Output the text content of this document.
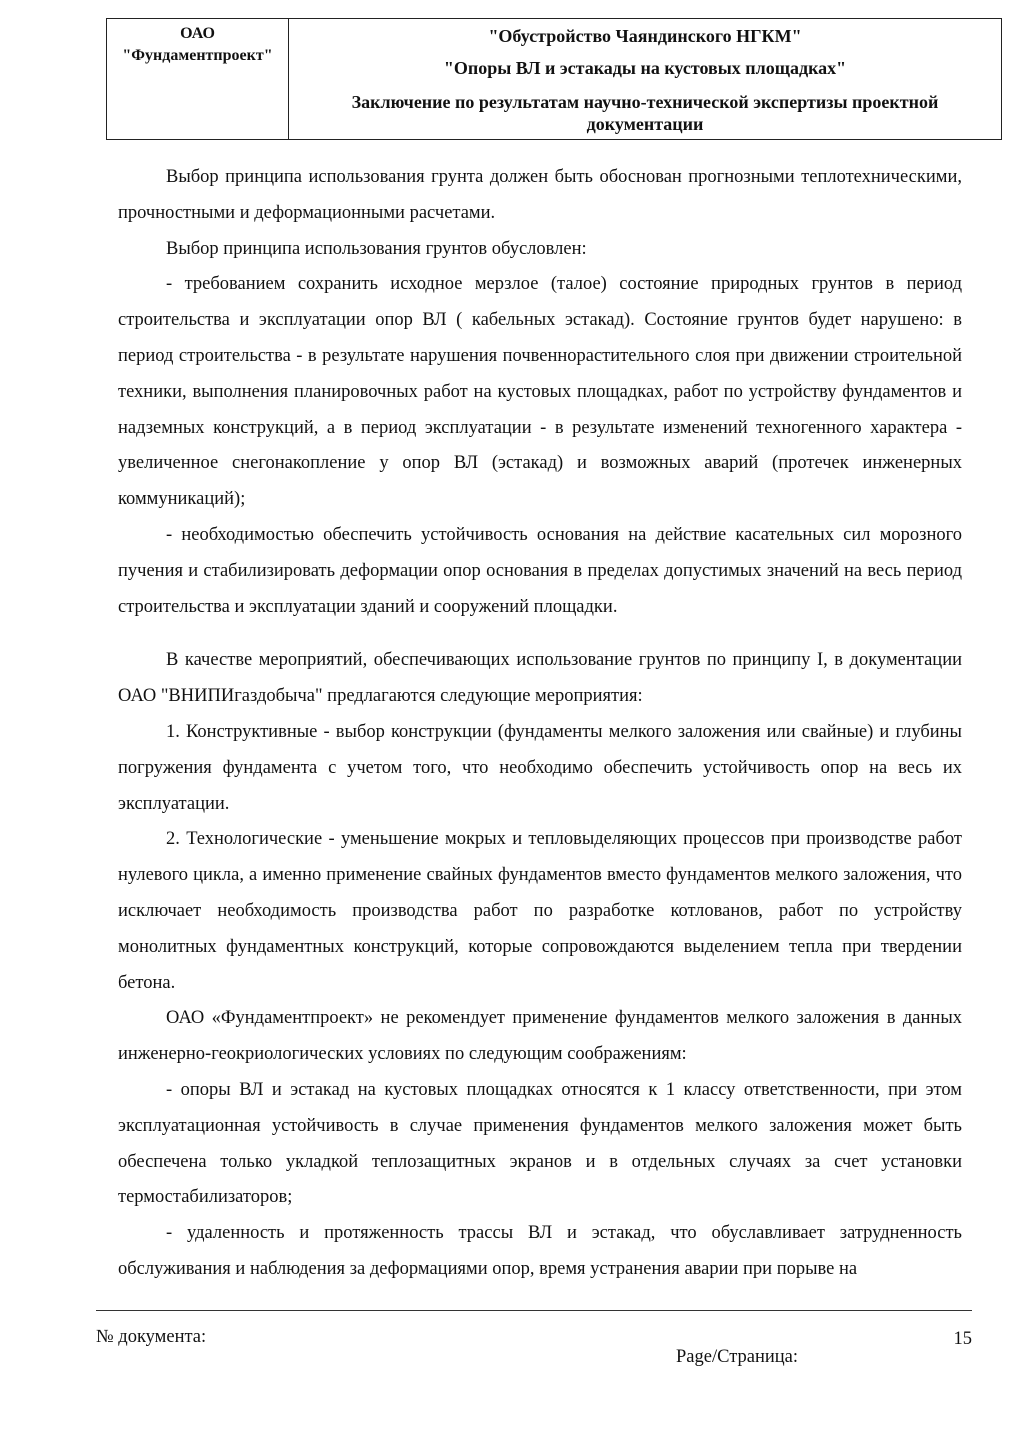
ОАО
"Фундаментпроект"
"Обустройство Чаяндинского НГКМ"
"Опоры ВЛ и эстакады на кустовых площадках"
Заключение по результатам научно-технической экспертизы проектной документации

Выбор принципа использования грунта должен быть обоснован прогнозными теплотехническими, прочностными и деформационными расчетами.

Выбор принципа использования грунтов обусловлен:

- требованием сохранить исходное мерзлое (талое) состояние природных грунтов в период строительства и эксплуатации опор ВЛ ( кабельных эстакад). Состояние грунтов будет нарушено: в период строительства - в результате нарушения почвеннорастительного слоя при движении строительной техники, выполнения планировочных работ на кустовых площадках, работ по устройству фундаментов и надземных конструкций, а в период эксплуатации - в результате изменений техногенного характера - увеличенное снегонакопление у опор ВЛ (эстакад) и возможных аварий (протечек инженерных коммуникаций);

- необходимостью обеспечить устойчивость основания на действие касательных сил морозного пучения и стабилизировать деформации опор основания в пределах допустимых значений на весь период строительства и эксплуатации зданий и сооружений площадки.

В качестве мероприятий, обеспечивающих использование грунтов по принципу I, в документации ОАО "ВНИПИгаздобыча" предлагаются следующие мероприятия:

1. Конструктивные - выбор конструкции (фундаменты мелкого заложения или свайные) и глубины погружения фундамента с учетом того, что необходимо обеспечить устойчивость опор на весь их эксплуатации.

2. Технологические - уменьшение мокрых и тепловыделяющих процессов при производстве работ нулевого цикла, а именно применение свайных фундаментов вместо фундаментов мелкого заложения, что исключает необходимость производства работ по разработке котлованов, работ по устройству монолитных фундаментных конструкций, которые сопровождаются выделением тепла при твердении бетона.

ОАО «Фундаментпроект» не рекомендует применение фундаментов мелкого заложения в данных инженерно-геокриологических условиях по следующим соображениям:

- опоры ВЛ и эстакад на кустовых площадках относятся к 1 классу ответственности, при этом эксплуатационная устойчивость в случае применения фундаментов мелкого заложения может быть обеспечена только укладкой теплозащитных экранов и в отдельных случаях за счет установки термостабилизаторов;

- удаленность и протяженность трассы ВЛ и эстакад, что обуславливает затрудненность обслуживания и наблюдения за деформациями опор, время устранения аварии при порыве на

№ документа:	15
Page/Страница:
